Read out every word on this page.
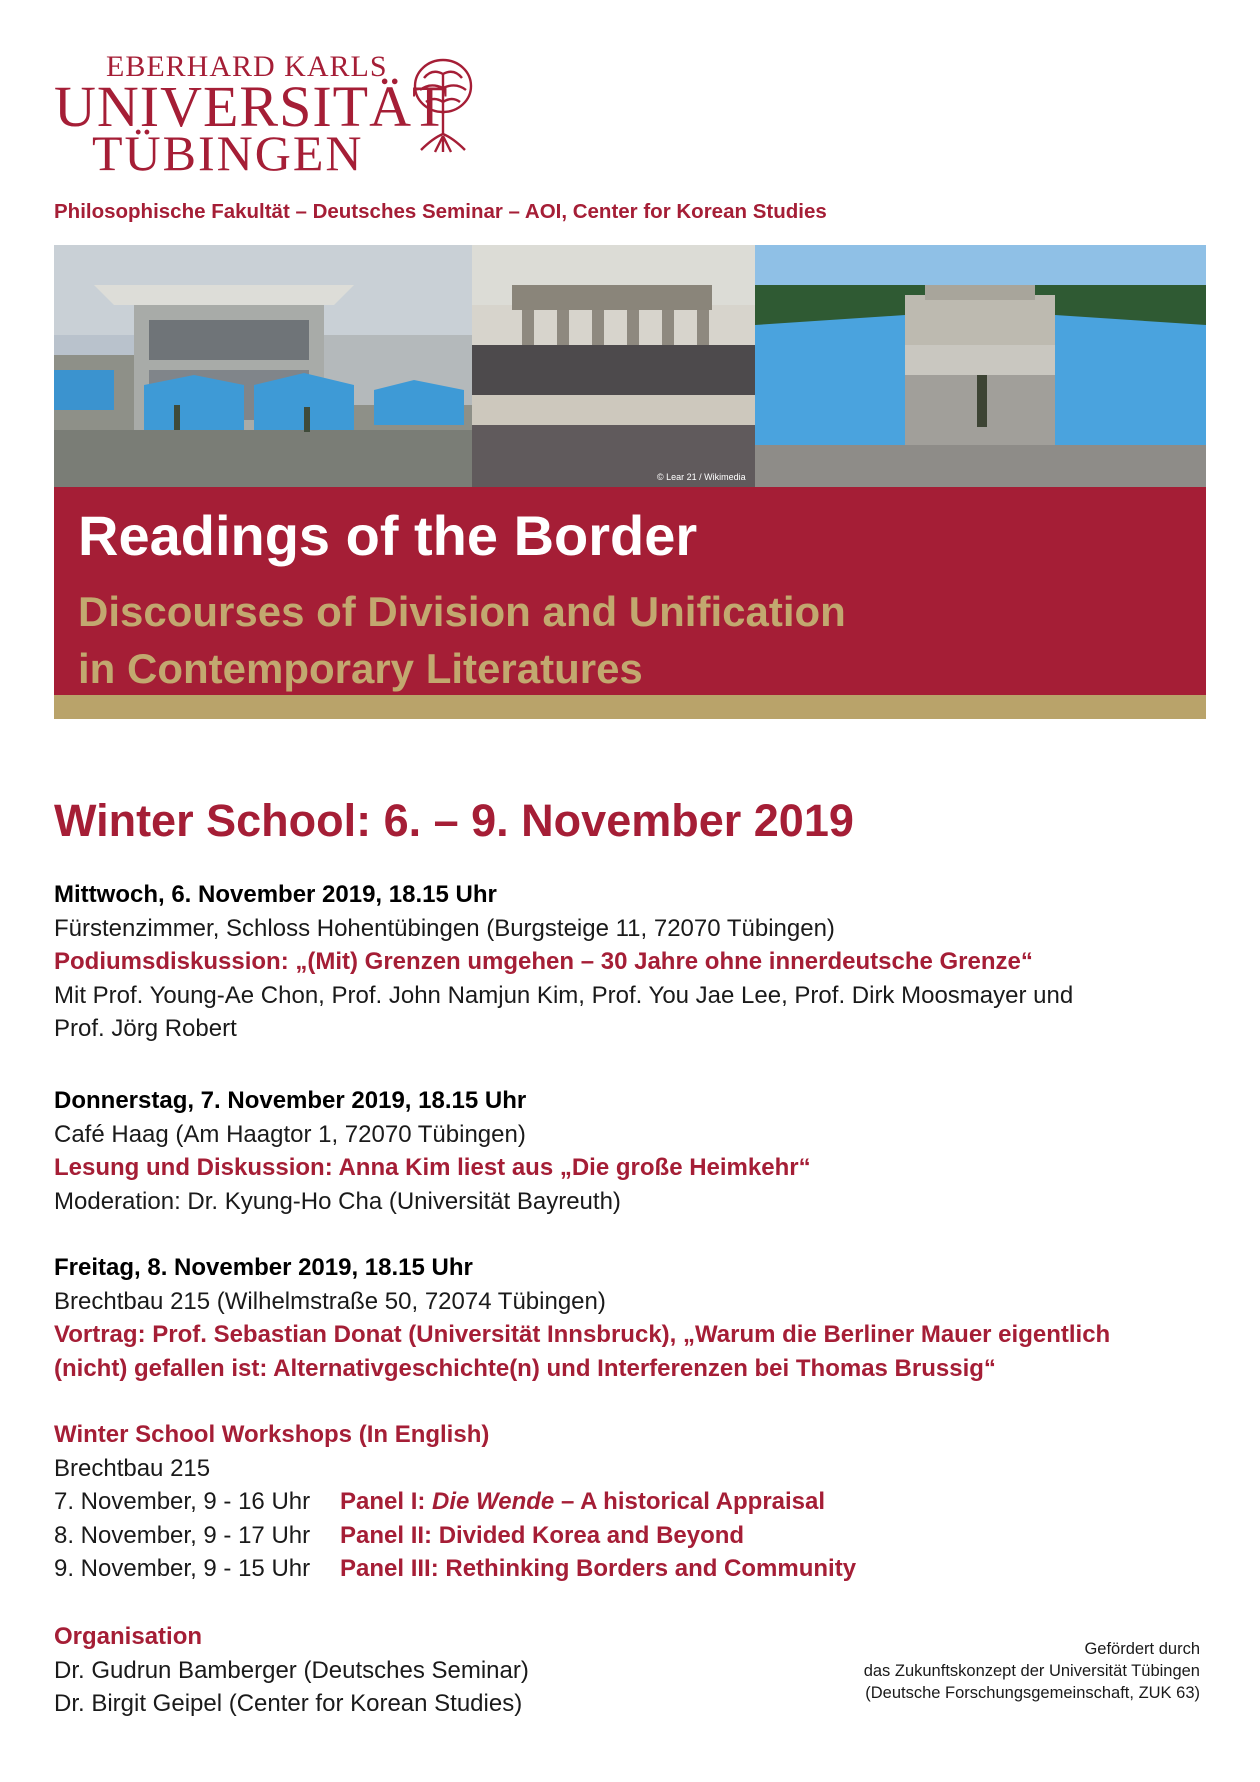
EBERHARD KARLS
UNIVERSITÄT
TÜBINGEN
Philosophische Fakultät – Deutsches Seminar – AOI, Center for Korean Studies
© Lear 21 / Wikimedia
Readings of the Border
Discourses of Division and Unification
in Contemporary Literatures
Winter School: 6. – 9. November 2019

Mittwoch, 6. November 2019, 18.15 Uhr

Fürstenzimmer, Schloss Hohentübingen (Burgsteige 11, 72070 Tübingen)

Podiumsdiskussion: „(Mit) Grenzen umgehen – 30 Jahre ohne innerdeutsche Grenze“

Mit Prof. Young-Ae Chon, Prof. John Namjun Kim, Prof. You Jae Lee, Prof. Dirk Moosmayer und

Prof. Jörg Robert

Donnerstag, 7. November 2019, 18.15 Uhr

Café Haag (Am Haagtor 1, 72070 Tübingen)

Lesung und Diskussion: Anna Kim liest aus „Die große Heimkehr“

Moderation: Dr. Kyung-Ho Cha (Universität Bayreuth)

Freitag, 8. November 2019, 18.15 Uhr

Brechtbau 215 (Wilhelmstraße 50, 72074 Tübingen)

Vortrag: Prof. Sebastian Donat (Universität Innsbruck), „Warum die Berliner Mauer eigentlich

(nicht) gefallen ist: Alternativgeschichte(n) und Interferenzen bei Thomas Brussig“

Winter School Workshops (In English)

Brechtbau 215

7. November, 9 - 16 Uhr Panel I: Die Wende – A historical Appraisal

8. November, 9 - 17 Uhr Panel II: Divided Korea and Beyond

9. November, 9 - 15 Uhr Panel III: Rethinking Borders and Community

Organisation

Dr. Gudrun Bamberger (Deutsches Seminar)

Dr. Birgit Geipel (Center for Korean Studies)

Gefördert durch
das Zukunftskonzept der Universität Tübingen
(Deutsche Forschungsgemeinschaft, ZUK 63)
